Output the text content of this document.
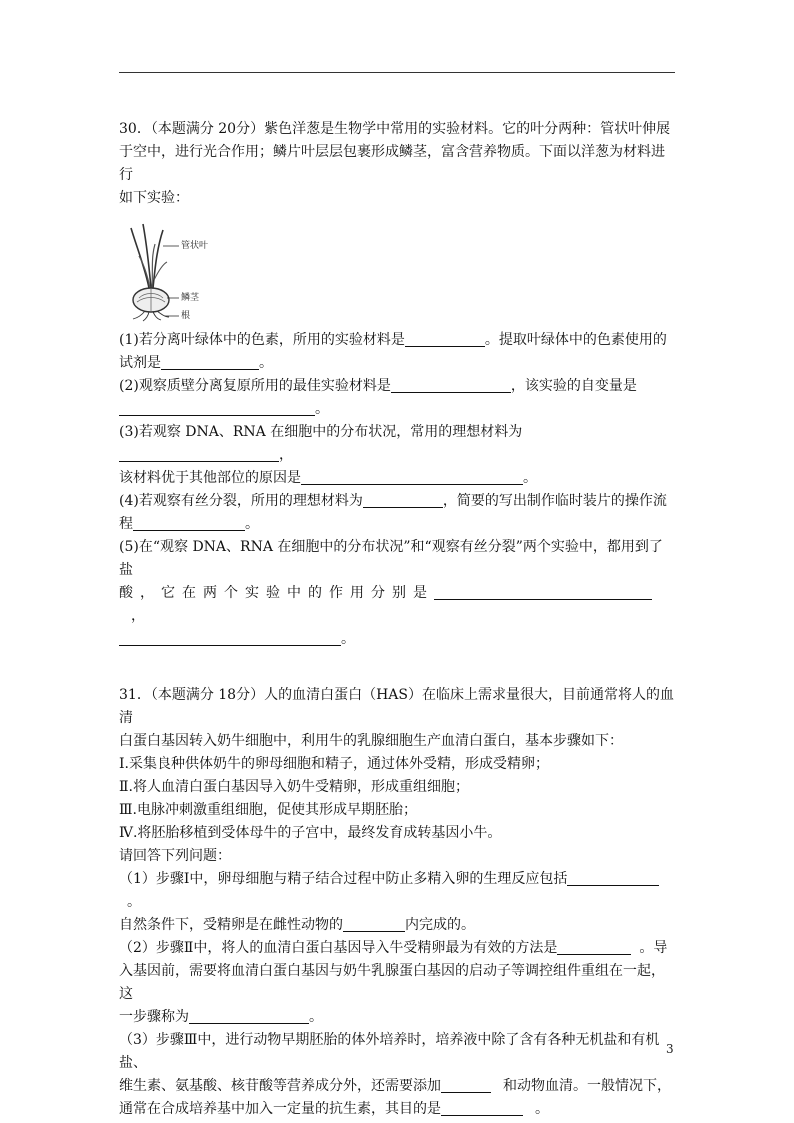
30．（本题满分 20分）紫色洋葱是生物学中常用的实验材料。它的叶分两种：管状叶伸展

于空中，进行光合作用；鳞片叶层层包裹形成鳞茎，富含营养物质。下面以洋葱为材料进行

如下实验：

管状叶
鳞茎
根

(1)若分离叶绿体中的色素，所用的实验材料是	。提取叶绿体中的色素使用的

试剂是	。

(2)观察质壁分离复原所用的最佳实验材料是	，该实验的自变量是

。

(3)若观察 DNA、RNA 在细胞中的分布状况，常用的理想材料为，

该材料优于其他部位的原因是	。

(4)若观察有丝分裂，所用的理想材料为	，简要的写出制作临时装片的操作流

程	。

(5)在“观察 DNA、RNA 在细胞中的分布状况”和“观察有丝分裂”两个实验中，都用到了盐

酸，它在两个实验中的作用分别是，

。

31．（本题满分 18分）人的血清白蛋白（HAS）在临床上需求量很大，目前通常将人的血清

白蛋白基因转入奶牛细胞中，利用牛的乳腺细胞生产血清白蛋白，基本步骤如下：

Ⅰ.采集良种供体奶牛的卵母细胞和精子，通过体外受精，形成受精卵；

Ⅱ.将人血清白蛋白基因导入奶牛受精卵，形成重组细胞；

Ⅲ.电脉冲刺激重组细胞，促使其形成早期胚胎；

Ⅳ.将胚胎移植到受体母牛的子宫中，最终发育成转基因小牛。

请回答下列问题：

（1）步骤Ⅰ中，卵母细胞与精子结合过程中防止多精入卵的生理反应包括。

自然条件下，受精卵是在雌性动物的	内完成的。

（2）步骤Ⅱ中，将人的血清白蛋白基因导入牛受精卵最为有效的方法是	。导

入基因前，需要将血清白蛋白基因与奶牛乳腺蛋白基因的启动子等调控组件重组在一起，这

一步骤称为	。

（3）步骤Ⅲ中，进行动物早期胚胎的体外培养时，培养液中除了含有各种无机盐和有机盐、

维生素、氨基酸、核苷酸等营养成分外，还需要添加	和动物血清。一般情况下，

通常在合成培养基中加入一定量的抗生素，其目的是	。

3
